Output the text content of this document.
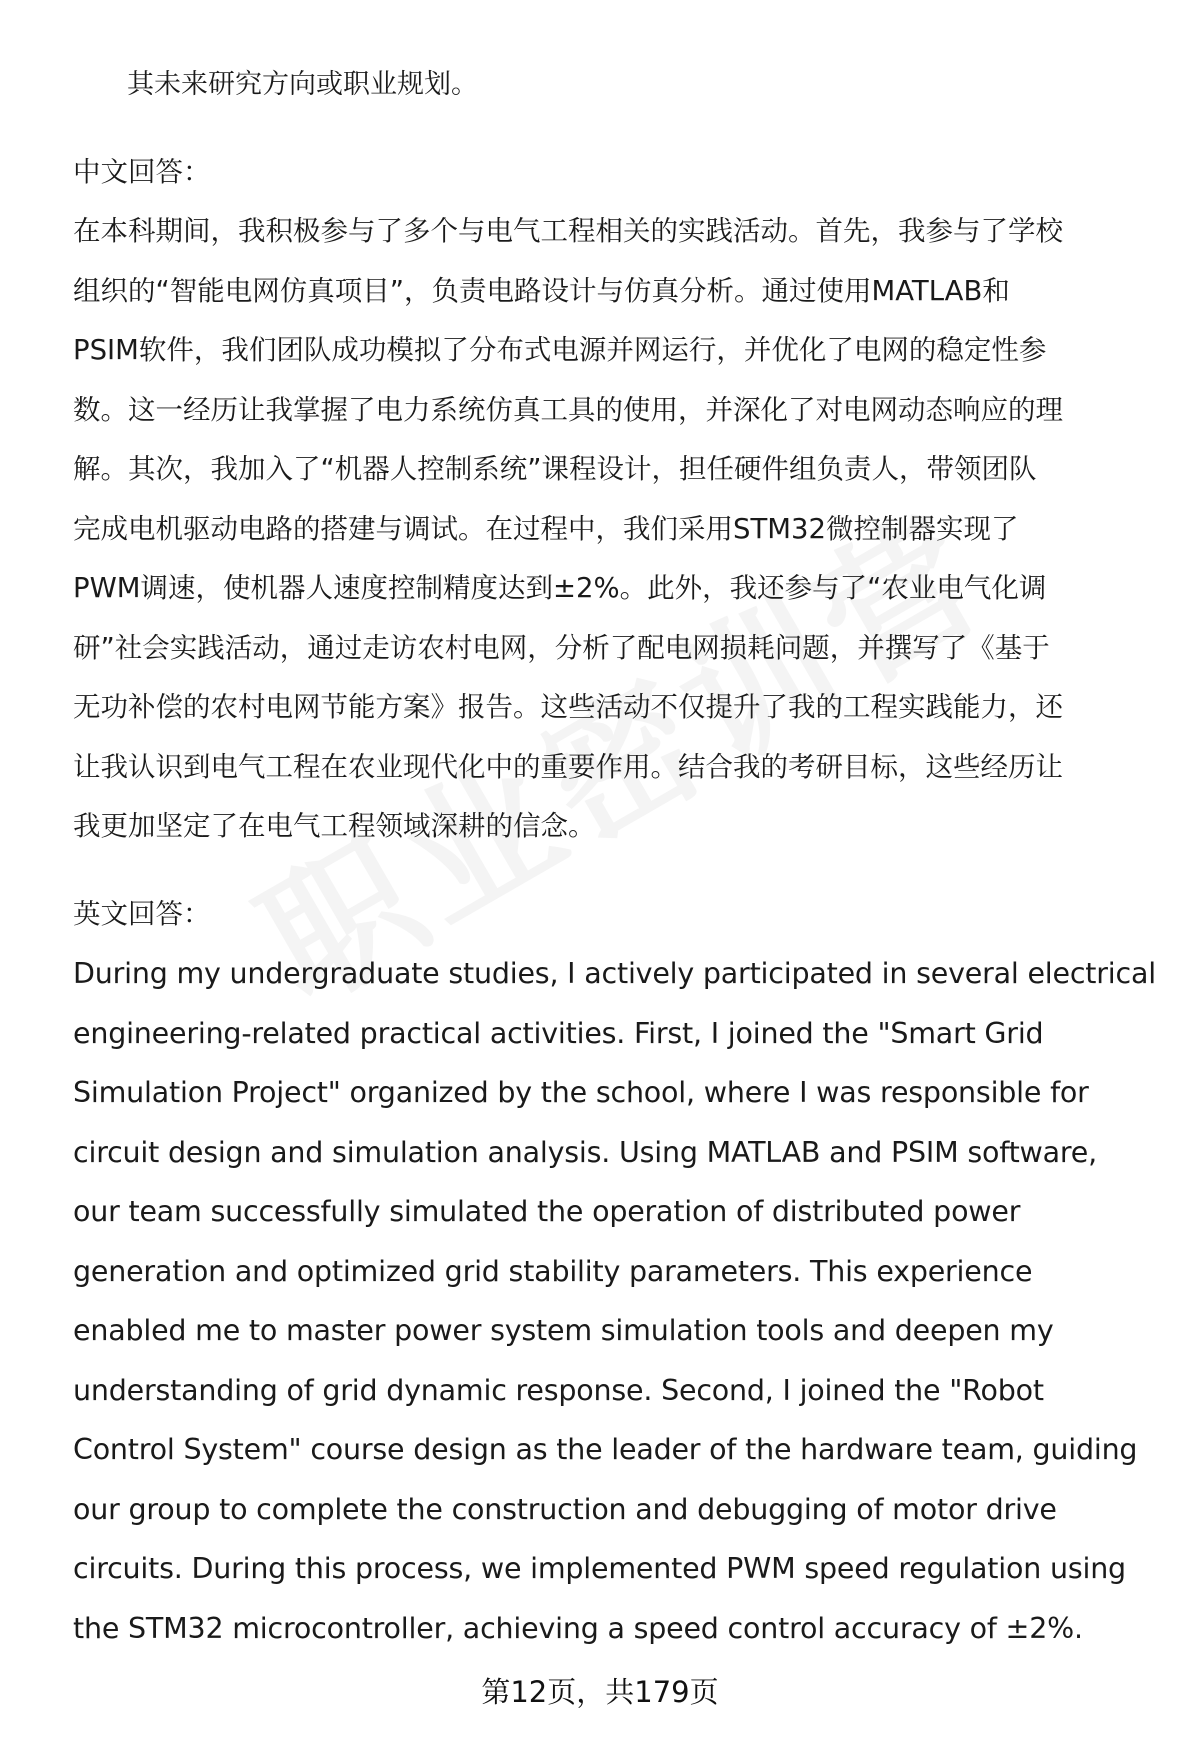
其未来研究方向或职业规划。
中文回答：
在本科期间，我积极参与了多个与电气工程相关的实践活动。首先，我参与了学校
组织的“智能电网仿真项目”，负责电路设计与仿真分析。通过使用MATLAB和
PSIM软件，我们团队成功模拟了分布式电源并网运行，并优化了电网的稳定性参
数。这一经历让我掌握了电力系统仿真工具的使用，并深化了对电网动态响应的理
解。其次，我加入了“机器人控制系统”课程设计，担任硬件组负责人，带领团队
完成电机驱动电路的搭建与调试。在过程中，我们采用STM32微控制器实现了
PWM调速，使机器人速度控制精度达到±2%。此外，我还参与了“农业电气化调
研”社会实践活动，通过走访农村电网，分析了配电网损耗问题，并撰写了《基于
无功补偿的农村电网节能方案》报告。这些活动不仅提升了我的工程实践能力，还
让我认识到电气工程在农业现代化中的重要作用。结合我的考研目标，这些经历让
我更加坚定了在电气工程领域深耕的信念。
英文回答：
During my undergraduate studies, I actively participated in several electrical
engineering-related practical activities. First, I joined the "Smart Grid
Simulation Project" organized by the school, where I was responsible for
circuit design and simulation analysis. Using MATLAB and PSIM software,
our team successfully simulated the operation of distributed power
generation and optimized grid stability parameters. This experience
enabled me to master power system simulation tools and deepen my
understanding of grid dynamic response. Second, I joined the "Robot
Control System" course design as the leader of the hardware team, guiding
our group to complete the construction and debugging of motor drive
circuits. During this process, we implemented PWM speed regulation using
the STM32 microcontroller, achieving a speed control accuracy of ±2%.
第12页，共179页
